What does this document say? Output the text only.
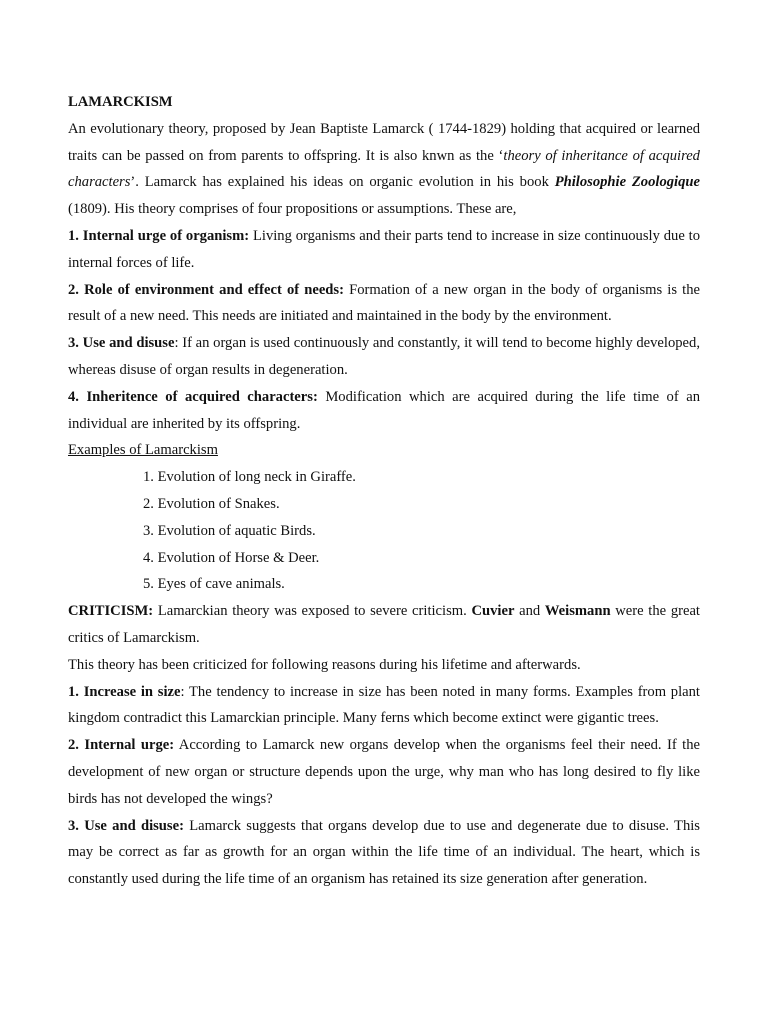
LAMARCKISM

An evolutionary theory, proposed by Jean Baptiste Lamarck ( 1744-1829) holding that acquired or learned traits can be passed on from parents to offspring. It is also knwn as the ‘theory of inheritance of acquired characters’. Lamarck has explained his ideas on organic evolution in his book Philosophie Zoologique (1809). His theory comprises of four propositions or assumptions. These are,

1. Internal urge of organism: Living organisms and their parts tend to increase in size continuously due to internal forces of life.

2. Role of environment and effect of needs: Formation of a new organ in the body of organisms is the result of a new need. This needs are initiated and maintained in the body by the environment.

3. Use and disuse: If an organ is used continuously and constantly, it will tend to become highly developed, whereas disuse of organ results in degeneration.

4. Inheritence of acquired characters: Modification which are acquired during the life time of an individual are inherited by its offspring.

Examples of Lamarckism

1. Evolution of long neck in Giraffe.
2. Evolution of Snakes.
3. Evolution of aquatic Birds.
4. Evolution of Horse & Deer.
5. Eyes of cave animals.

CRITICISM: Lamarckian theory was exposed to severe criticism. Cuvier and Weismann were the great critics of Lamarckism.

This theory has been criticized for following reasons during his lifetime and afterwards.

1. Increase in size: The tendency to increase in size has been noted in many forms. Examples from plant kingdom contradict this Lamarckian principle. Many ferns which become extinct were gigantic trees.

2. Internal urge: According to Lamarck new organs develop when the organisms feel their need. If the development of new organ or structure depends upon the urge, why man who has long desired to fly like birds has not developed the wings?

3. Use and disuse: Lamarck suggests that organs develop due to use and degenerate due to disuse. This may be correct as far as growth for an organ within the life time of an individual. The heart, which is constantly used during the life time of an organism has retained its size generation after generation.
